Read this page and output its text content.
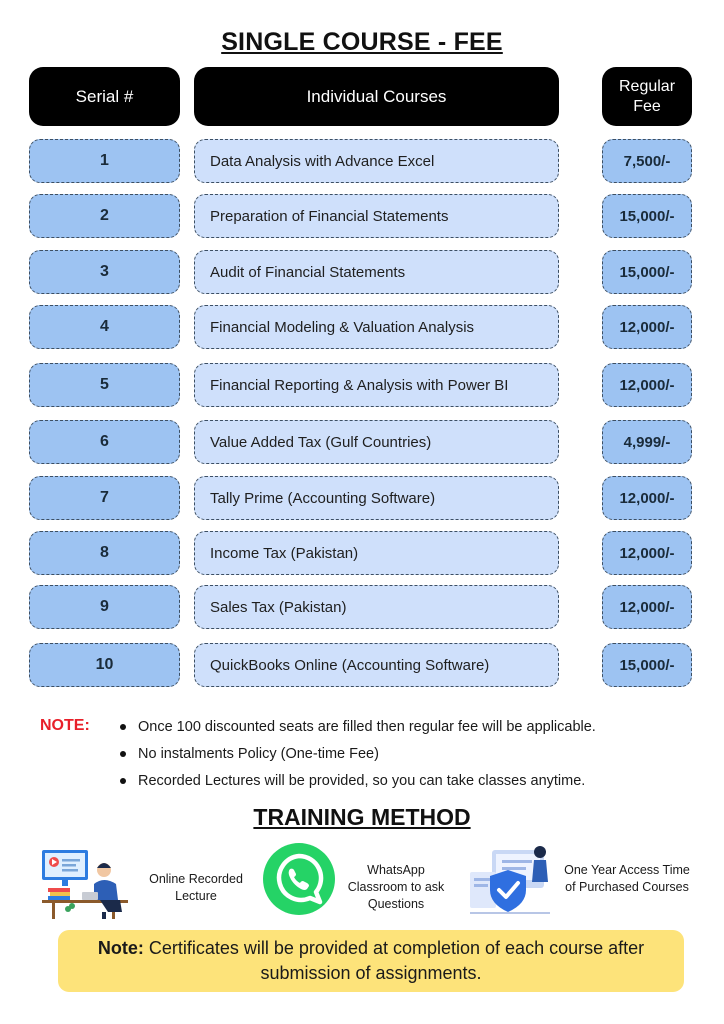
SINGLE COURSE - FEE
Serial #	Individual Courses	Regular Fee
1	Data Analysis with Advance Excel	7,500/-
2	Preparation of Financial Statements	15,000/-
3	Audit of Financial Statements	15,000/-
4	Financial Modeling & Valuation Analysis	12,000/-
5	Financial Reporting & Analysis with Power BI	12,000/-
6	Value Added Tax (Gulf Countries)	4,999/-
7	Tally Prime (Accounting Software)	12,000/-
8	Income Tax (Pakistan)	12,000/-
9	Sales Tax (Pakistan)	12,000/-
10	QuickBooks Online (Accounting Software)	15,000/-
NOTE:	Once 100 discounted seats are filled then regular fee will be applicable.
No instalments Policy (One-time Fee)
Recorded Lectures will be provided, so you can take classes anytime.
TRAINING METHOD
Online Recorded Lecture
WhatsApp Classroom to ask Questions
One Year Access Time of Purchased Courses
Note: Certificates will be provided at completion of each course after submission of assignments.
